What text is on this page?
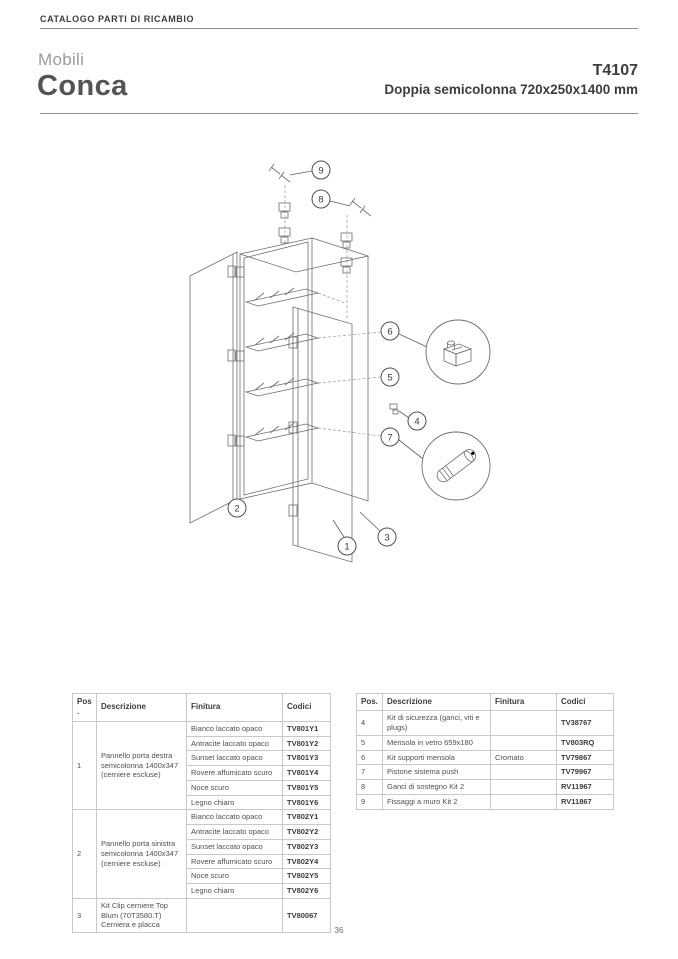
CATALOGO PARTI DI RICAMBIO
Mobili
Conca	T4107
Doppia semicolonna 720x250x1400 mm
1
2
3
4
5
6
7
8
9
Pos.	Descrizione	Finitura	Codici
1	Pannello porta destra semicolonna 1400x347 (cerniere escluse)	Bianco laccato opaco	TV801Y1
		Antracite laccato opaco	TV801Y2
		Sunset laccato opaco	TV801Y3
		Rovere affumicato scuro	TV801Y4
		Noce scuro	TV801Y5
		Legno chiaro	TV801Y6
2	Pannello porta sinistra semicolonna 1400x347 (cerniere escluse)	Bianco laccato opaco	TV802Y1
		Antracite laccato opaco	TV802Y2
		Sunset laccato opaco	TV802Y3
		Rovere affumicato scuro	TV802Y4
		Noce scuro	TV802Y5
		Legno chiaro	TV802Y6
3	Kit Clip cerniere Top Blum (70T3580.T) Cerniera e placca		TV80067
Pos.	Descrizione	Finitura	Codici
4	Kit di sicurezza (ganci, viti e plugs)		TV38767
5	Mensola in vetro 659x180		TV803RQ
6	Kit supporti mensola	Cromato	TV79867
7	Pistone sistema push		TV79967
8	Ganci di sostegno Kit 2		RV11967
9	Fissaggi a muro Kit 2		RV11867
36
